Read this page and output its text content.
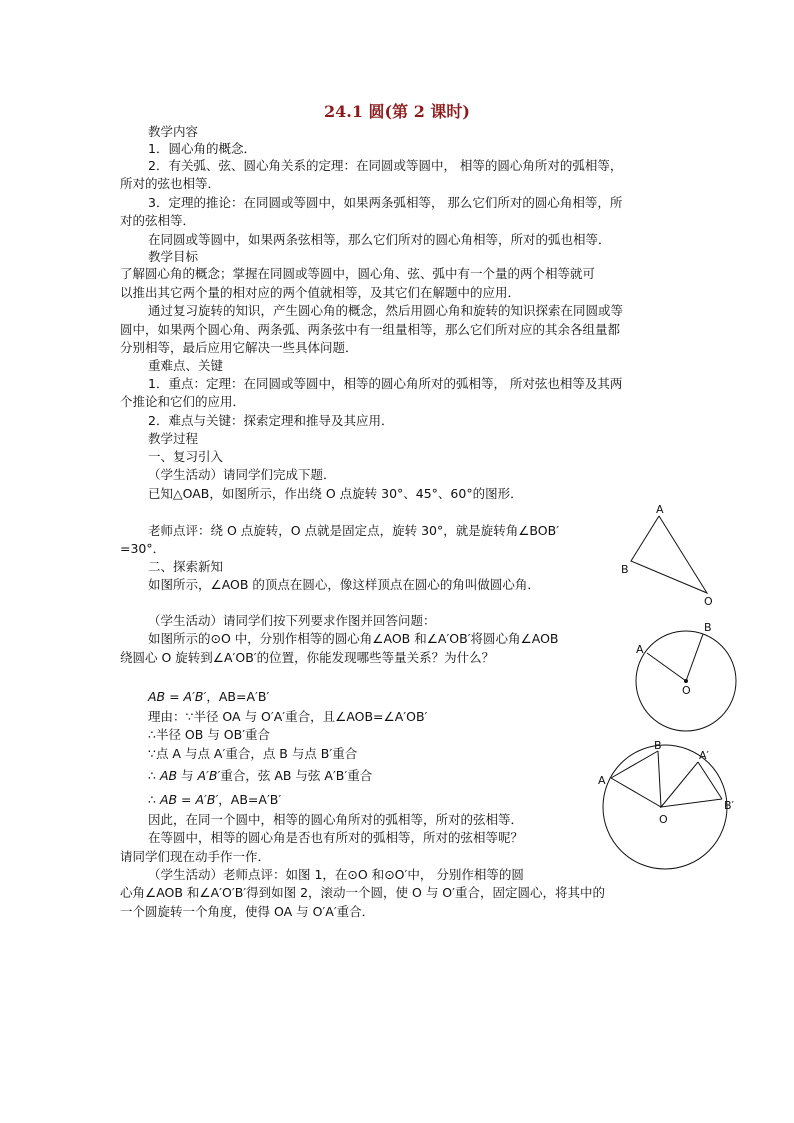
24.1 圆(第 2 课时)
教学内容
1．圆心角的概念．
2．有关弧、弦、圆心角关系的定理：在同圆或等圆中， 相等的圆心角所对的弧相等，
所对的弦也相等．
3．定理的推论：在同圆或等圆中，如果两条弧相等， 那么它们所对的圆心角相等，所
对的弦相等．
在同圆或等圆中，如果两条弦相等，那么它们所对的圆心角相等，所对的弧也相等．
教学目标
了解圆心角的概念；掌握在同圆或等圆中，圆心角、弦、弧中有一个量的两个相等就可
以推出其它两个量的相对应的两个值就相等，及其它们在解题中的应用．
通过复习旋转的知识，产生圆心角的概念，然后用圆心角和旋转的知识探索在同圆或等
圆中，如果两个圆心角、两条弧、两条弦中有一组量相等，那么它们所对应的其余各组量都
分别相等，最后应用它解决一些具体问题．
重难点、关键
1．重点：定理：在同圆或等圆中，相等的圆心角所对的弧相等， 所对弦也相等及其两
个推论和它们的应用．
2．难点与关键：探索定理和推导及其应用．
教学过程
一、复习引入
（学生活动）请同学们完成下题．
已知△OAB，如图所示，作出绕 O 点旋转 30°、45°、60°的图形．
老师点评：绕 O 点旋转，O 点就是固定点，旋转 30°，就是旋转角∠BOB′
=30°．
二、探索新知
如图所示，∠AOB 的顶点在圆心，像这样顶点在圆心的角叫做圆心角．
（学生活动）请同学们按下列要求作图并回答问题：
如图所示的⊙O 中，分别作相等的圆心角∠AOB 和∠A′OB′将圆心角∠AOB
绕圆心 O 旋转到∠A′OB′的位置，你能发现哪些等量关系？为什么？
AB = A′B′，AB=A′B′
理由：∵半径 OA 与 O′A′重合，且∠AOB=∠A′OB′
∴半径 OB 与 OB′重合
∵点 A 与点 A′重合，点 B 与点 B′重合
∴ AB 与 A′B′重合，弦 AB 与弦 A′B′重合
∴ AB = A′B′，AB=A′B′
因此，在同一个圆中，相等的圆心角所对的弧相等，所对的弦相等．
在等圆中，相等的圆心角是否也有所对的弧相等，所对的弦相等呢？
请同学们现在动手作一作．
（学生活动）老师点评：如图 1，在⊙O 和⊙O′中， 分别作相等的圆
心角∠AOB 和∠A′O′B′得到如图 2，滚动一个圆，使 O 与 O′重合，固定圆心，将其中的
一个圆旋转一个角度，使得 OA 与 O′A′重合．
A
B
O
A
B
O
A
B
A′
B′
O
